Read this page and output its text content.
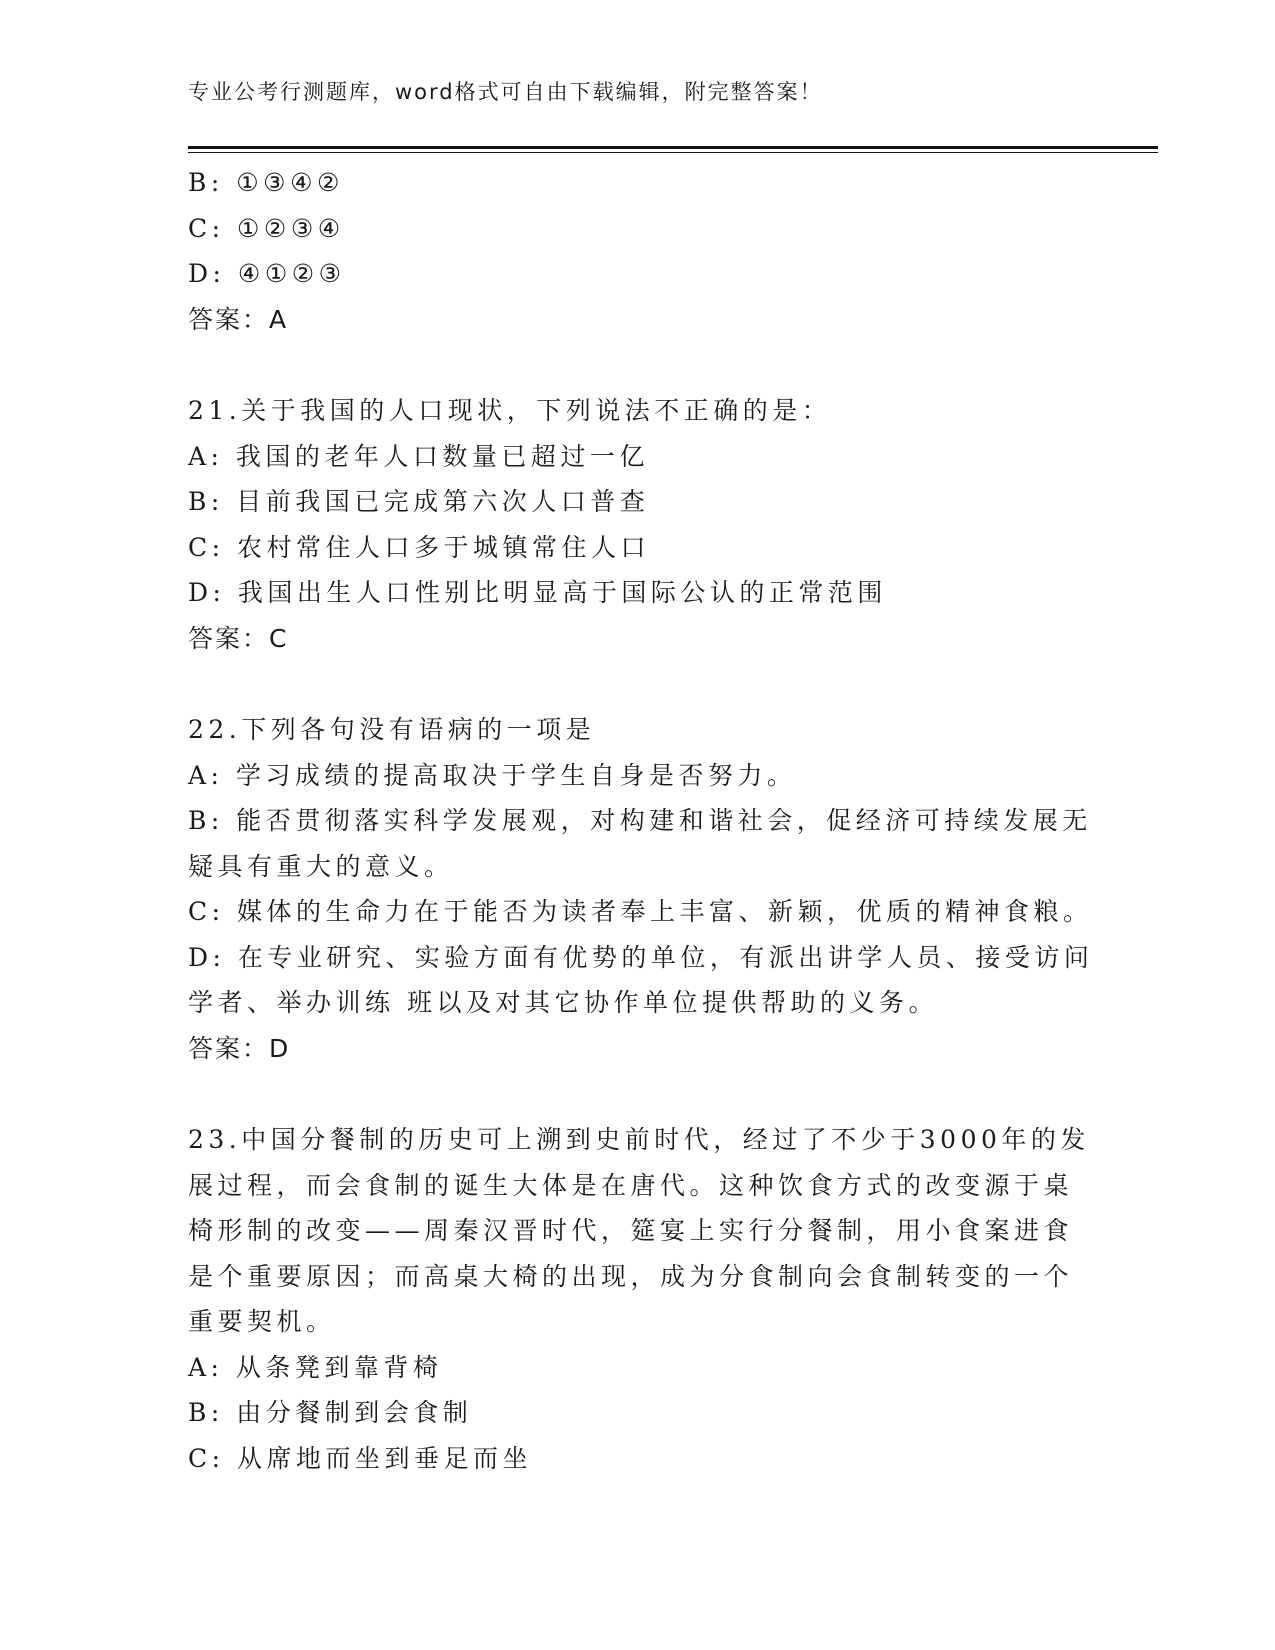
专业公考行测题库，word格式可自由下载编辑，附完整答案！
B: ①③④②
C: ①②③④
D: ④①②③
答案：A
21.关于我国的人口现状，下列说法不正确的是：
A: 我国的老年人口数量已超过一亿
B: 目前我国已完成第六次人口普查
C: 农村常住人口多于城镇常住人口
D: 我国出生人口性别比明显高于国际公认的正常范围
答案：C
22.下列各句没有语病的一项是
A: 学习成绩的提高取决于学生自身是否努力。
B: 能否贯彻落实科学发展观，对构建和谐社会，促经济可持续发展无
疑具有重大的意义。
C: 媒体的生命力在于能否为读者奉上丰富、新颖，优质的精神食粮。
D: 在专业研究、实验方面有优势的单位，有派出讲学人员、接受访问
学者、举办训练 班以及对其它协作单位提供帮助的义务。
答案：D
23.中国分餐制的历史可上溯到史前时代，经过了不少于3000年的发
展过程，而会食制的诞生大体是在唐代。这种饮食方式的改变源于桌
椅形制的改变——周秦汉晋时代，筵宴上实行分餐制，用小食案进食
是个重要原因；而高桌大椅的出现，成为分食制向会食制转变的一个
重要契机。
A: 从条凳到靠背椅
B: 由分餐制到会食制
C: 从席地而坐到垂足而坐
